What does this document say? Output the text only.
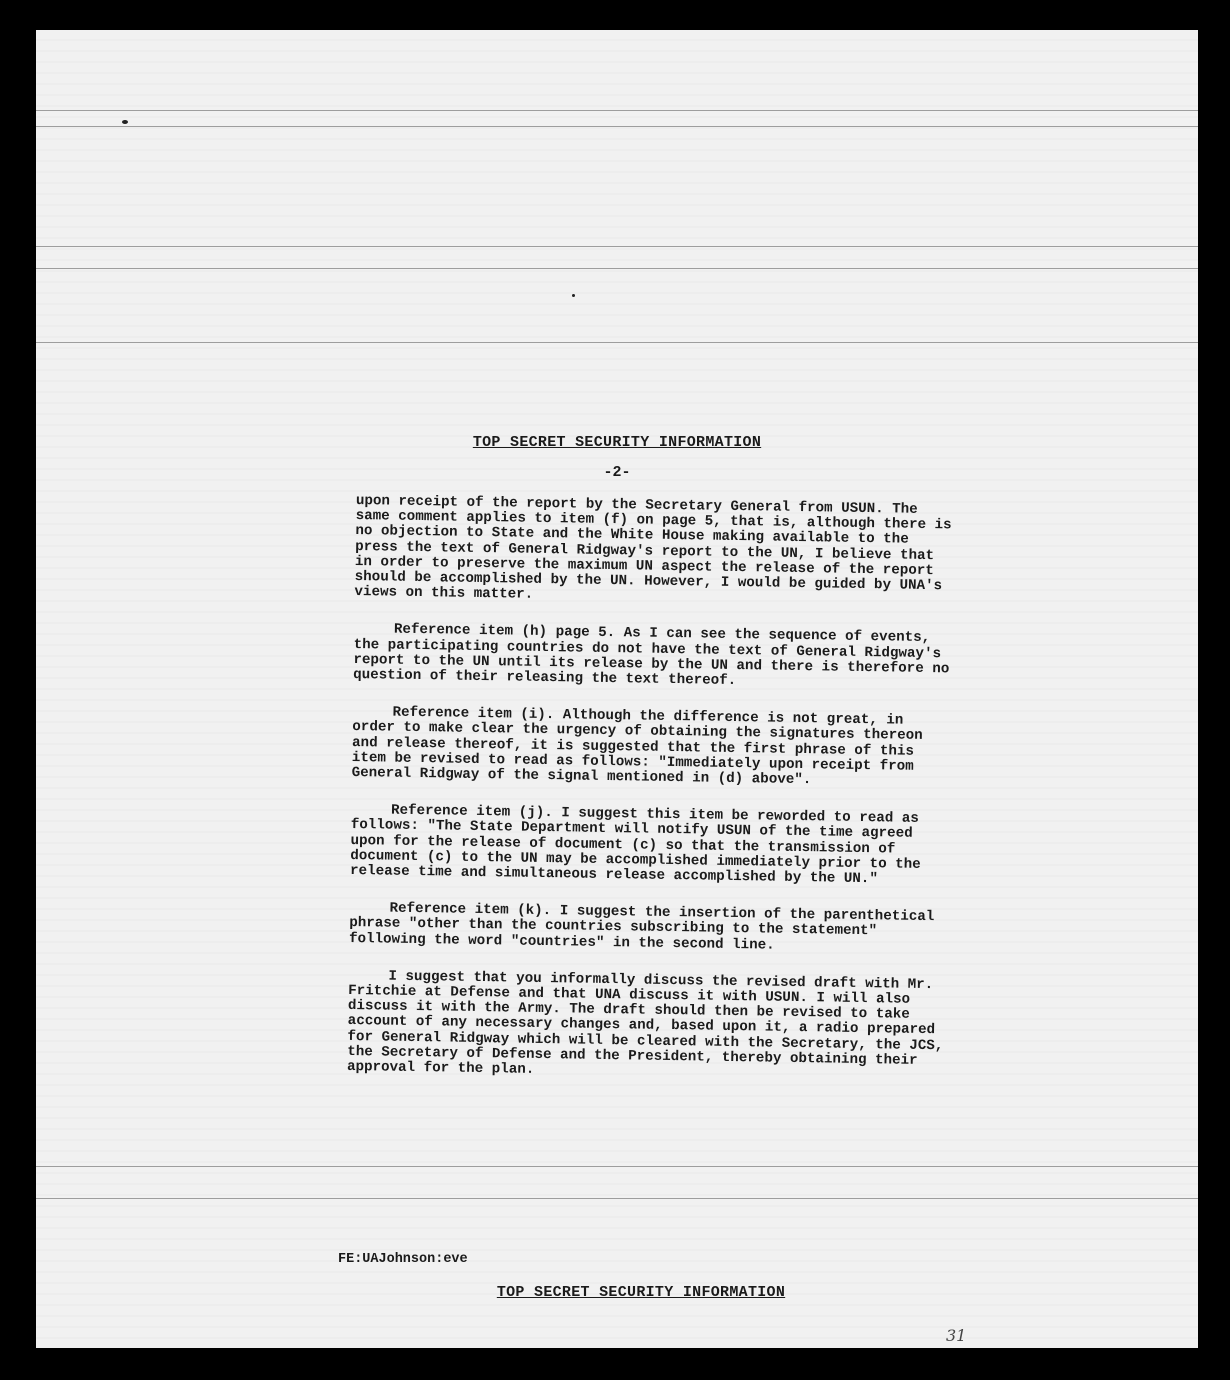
TOP SECRET SECURITY INFORMATION
-2-

upon receipt of the report by the Secretary General from USUN. The same comment applies to item (f) on page 5, that is, although there is no objection to State and the White House making available to the press the text of General Ridgway's report to the UN, I believe that in order to preserve the maximum UN aspect the release of the report should be accomplished by the UN. However, I would be guided by UNA's views on this matter.

Reference item (h) page 5. As I can see the sequence of events, the participating countries do not have the text of General Ridgway's report to the UN until its release by the UN and there is therefore no question of their releasing the text thereof.

Reference item (i). Although the difference is not great, in order to make clear the urgency of obtaining the signatures thereon and release thereof, it is suggested that the first phrase of this item be revised to read as follows: "Immediately upon receipt from General Ridgway of the signal mentioned in (d) above".

Reference item (j). I suggest this item be reworded to read as follows: "The State Department will notify USUN of the time agreed upon for the release of document (c) so that the transmission of document (c) to the UN may be accomplished immediately prior to the release time and simultaneous release accomplished by the UN."

Reference item (k). I suggest the insertion of the parenthetical phrase "other than the countries subscribing to the statement" following the word "countries" in the second line.

I suggest that you informally discuss the revised draft with Mr. Fritchie at Defense and that UNA discuss it with USUN. I will also discuss it with the Army. The draft should then be revised to take account of any necessary changes and, based upon it, a radio prepared for General Ridgway which will be cleared with the Secretary, the JCS, the Secretary of Defense and the President, thereby obtaining their approval for the plan.

FE:UAJohnson:eve
TOP SECRET SECURITY INFORMATION
31
